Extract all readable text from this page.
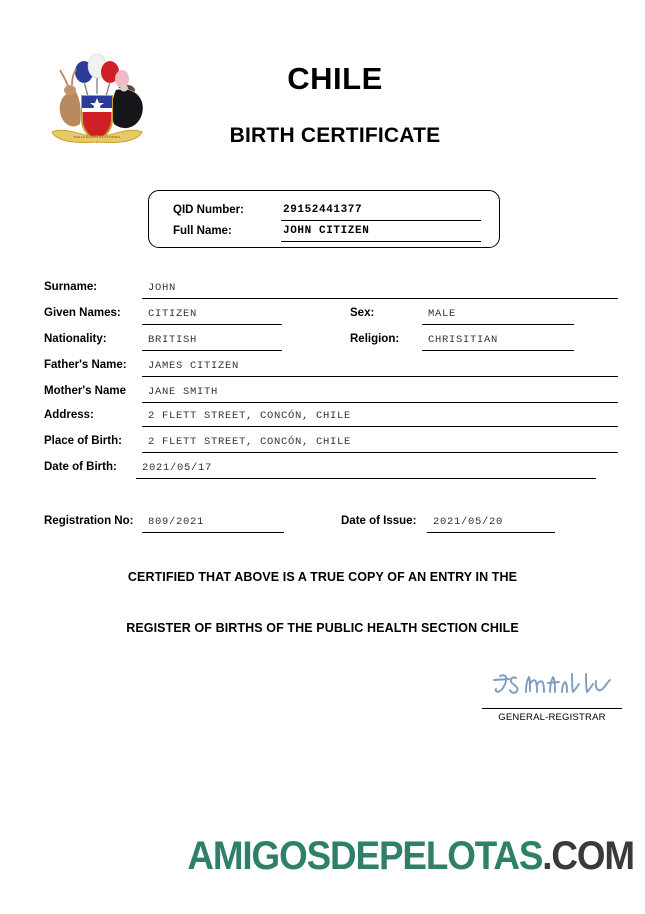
POR LA RAZÓN O LA FUERZA
CHILE
BIRTH CERTIFICATE
QID Number:	29152441377
Full Name:	JOHN CITIZEN
Surname:	JOHN
Given Names:	CITIZEN	Sex:	MALE
Nationality:	BRITISH	Religion:	CHRISITIAN
Father's Name: JAMES CITIZEN
Mother's Name JANE SMITH
Address:	2 FLETT STREET, CONCÓN, CHILE
Place of Birth: 2 FLETT STREET, CONCÓN, CHILE
Date of Birth: 2021/05/17
Registration No: 809/2021	Date of Issue: 2021/05/20
CERTIFIED THAT ABOVE IS A TRUE COPY OF AN ENTRY IN THE
REGISTER OF BIRTHS OF THE PUBLIC HEALTH SECTION CHILE
GENERAL-REGISTRAR
AMIGOSDEPELOTAS.COM
